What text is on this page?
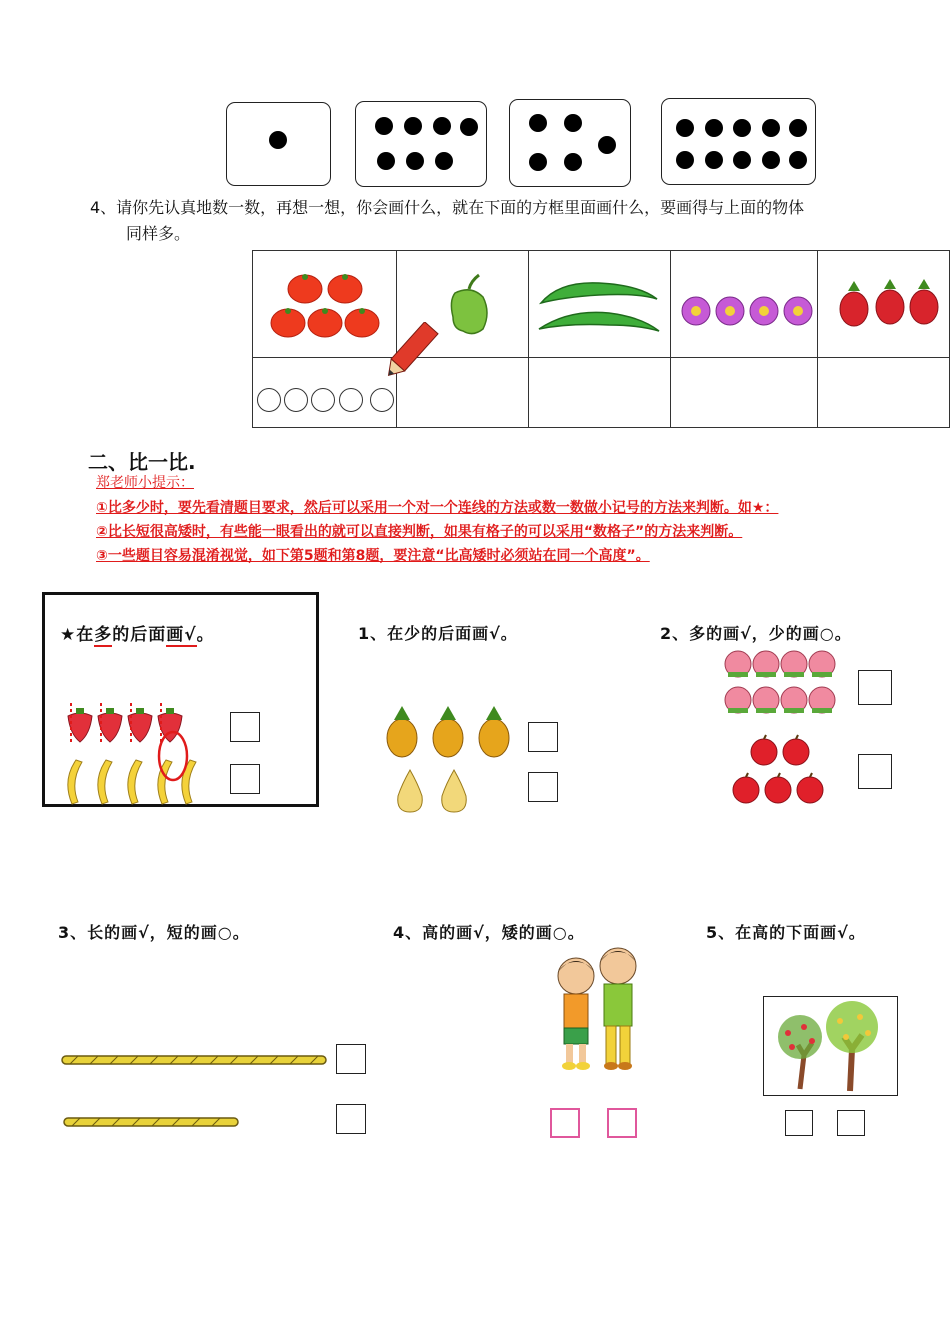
4、请你先认真地数一数，再想一想，你会画什么，就在下面的方框里面画什么，要画得与上面的物体
同样多。

二、比一比.
郑老师小提示：
①比多少时，要先看清题目要求，然后可以采用一个对一个连线的方法或数一数做小记号的方法来判断。如★：
②比长短很高矮时，有些能一眼看出的就可以直接判断，如果有格子的可以采用“数格子”的方法来判断。
③一些题目容易混淆视觉，如下第5题和第8题，要注意“比高矮时必须站在同一个高度”。
★在多的后面画√。	1、在少的后面画√。	2、多的画√，少的画○。
3、长的画√，短的画○。	4、高的画√，矮的画○。	5、在高的下面画√。
